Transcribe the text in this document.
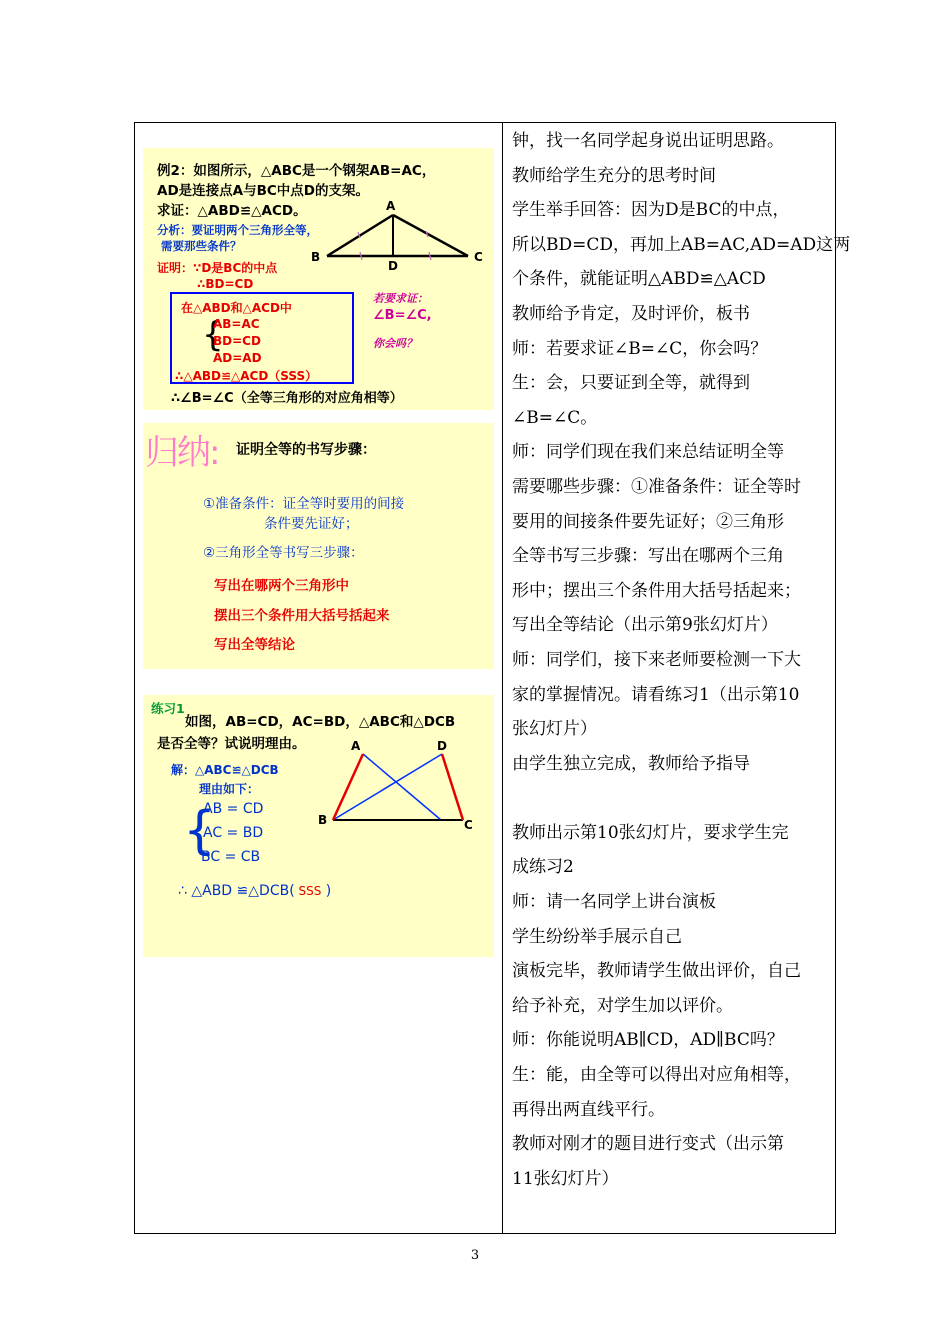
例2：如图所示，△ABC是一个钢架AB=AC，
AD是连接点A与BC中点D的支架。
求证：△ABD≌△ACD。
分析：要证明两个三角形全等，
需要那些条件？
证明：∵D是BC的中点
∴BD=CD
A
B	C
D
在△ABD和△ACD中
{
AB=AC
BD=CD
AD=AD
∴△ABD≌△ACD（SSS）
若要求证：
∠B=∠C,
你会吗？
∴∠B=∠C（全等三角形的对应角相等）
归纳: 证明全等的书写步骤：
①准备条件：证全等时要用的间接
条件要先证好；
②三角形全等书写三步骤：
写出在哪两个三角形中
摆出三个条件用大括号括起来
写出全等结论
练习1
如图，AB=CD，AC=BD，△ABC和△DCB
是否全等？试说明理由。	A	D
B	C
解：△ABC≌△DCB
理由如下：
{
AB = CD
AC = BD
BC = CB
∴ △ABD ≌△DCB( SSS )
钟，找一名同学起身说出证明思路。
教师给学生充分的思考时间
学生举手回答：因为D是BC的中点，
所以BD=CD，再加上AB=AC,AD=AD这两
个条件，就能证明△ABD≌△ACD
教师给予肯定，及时评价，板书
师：若要求证∠B=∠C，你会吗？
生：会，只要证到全等，就得到
∠B=∠C。
师：同学们现在我们来总结证明全等
需要哪些步骤：①准备条件：证全等时
要用的间接条件要先证好；②三角形
全等书写三步骤：写出在哪两个三角
形中；摆出三个条件用大括号括起来；
写出全等结论（出示第9张幻灯片）
师：同学们，接下来老师要检测一下大
家的掌握情况。请看练习1（出示第10
张幻灯片）
由学生独立完成，教师给予指导
教师出示第10张幻灯片，要求学生完
成练习2
师：请一名同学上讲台演板
学生纷纷举手展示自己
演板完毕，教师请学生做出评价，自己
给予补充，对学生加以评价。
师：你能说明AB∥CD，AD∥BC吗？
生：能，由全等可以得出对应角相等，
再得出两直线平行。
教师对刚才的题目进行变式（出示第
11张幻灯片）
3
